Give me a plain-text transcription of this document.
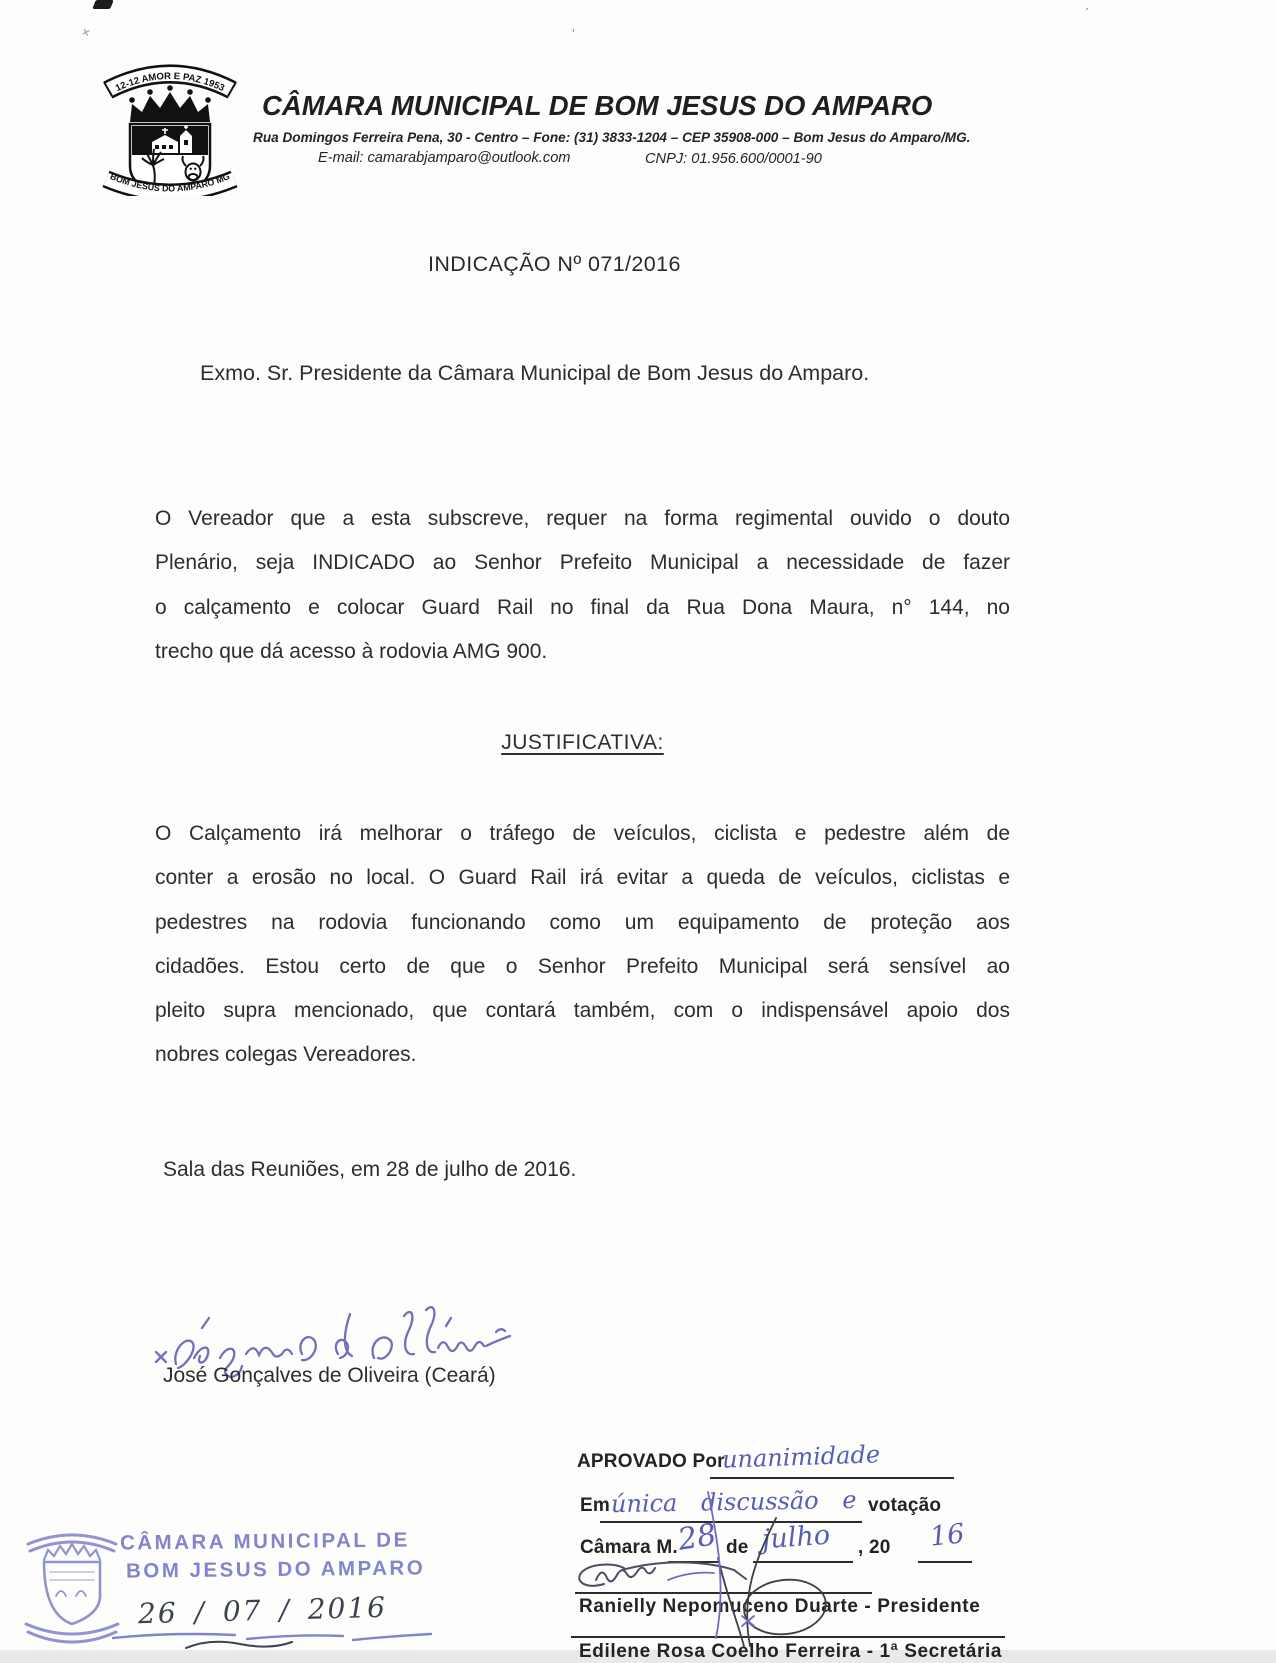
×	'
'
12-12 AMOR E PAZ 1953
BOM JESUS DO AMPARO MG
CÂMARA MUNICIPAL DE BOM JESUS DO AMPARO
Rua Domingos Ferreira Pena, 30 - Centro – Fone: (31) 3833-1204 – CEP 35908-000 – Bom Jesus do Amparo/MG.
E-mail: camarabjamparo@outlook.com	CNPJ: 01.956.600/0001-90
INDICAÇÃO Nº 071/2016
Exmo. Sr. Presidente da Câmara Municipal de Bom Jesus do Amparo.
O Vereador que a esta subscreve, requer na forma regimental ouvido o douto
Plenário, seja INDICADO ao Senhor Prefeito Municipal a necessidade de fazer
o calçamento e colocar Guard Rail no final da Rua Dona Maura, n° 144, no
trecho que dá acesso à rodovia AMG 900.
JUSTIFICATIVA:
O Calçamento irá melhorar o tráfego de veículos, ciclista e pedestre além de
conter a erosão no local. O Guard Rail irá evitar a queda de veículos, ciclistas e
pedestres na rodovia funcionando como um equipamento de proteção aos
cidadões. Estou certo de que o Senhor Prefeito Municipal será sensível ao
pleito supra mencionado, que contará também, com o indispensável apoio dos
nobres colegas Vereadores.
Sala das Reuniões, em 28 de julho de 2016.
José Gonçalves de Oliveira (Ceará)
APROVADO Por
unanimidade
Em única discussão e votação
Câmara M.
28 de julho , 20 16
Ranielly Nepomuceno Duarte - Presidente
Edilene Rosa Coelho Ferreira - 1ª Secretária
CÂMARA MUNICIPAL DE
BOM JESUS DO AMPARO
26 / 07 / 2016
